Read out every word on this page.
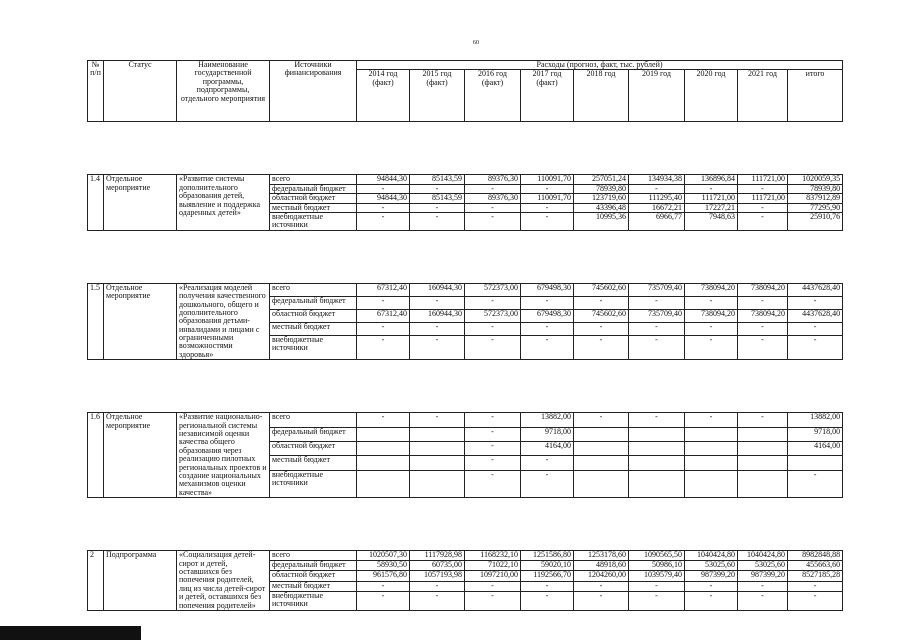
60
№ п/п	Статус	Наименование государственной программы, подпрограммы, отдельного мероприятия	Источники финансирования	Расходы (прогноз, факт, тыс. рублей)								
				2014 год (факт)	2015 год (факт)	2016 год (факт)	2017 год (факт)	2018 год	2019 год	2020 год	2021 год	итого

1.4	Отдельное мероприятие	«Развитие системы дополнительного образования детей, выявление и поддержка одаренных детей»	всего	94844,30	85143,59	89376,30	110091,70	257051,24	134934,38	136896,84	111721,00	1020059,35
			федеральный бюджет	-	-	-	-	78939,80	-	-	-	78939,80
			областной бюджет	94844,30	85143,59	89376,30	110091,70	123719,60	111295,40	111721,00	111721,00	837912,89
			местный бюджет	-	-	-	-	43396,48	16672,21	17227,21	-	77295,90
			внебюджетные источники	-	-	-	-	10995,36	6966,77	7948,63	-	25910,76

1.5	Отдельное мероприятие	«Реализация моделей получения качественного дошкольного, общего и дополнительного образования детьми-инвалидами и лицами с ограниченными возможностями здоровья»	всего	67312,40	160944,30	572373,00	679498,30	745602,60	735709,40	738094,20	738094,20	4437628,40
			федеральный бюджет	-	-	-	-	-	-	-	-	-
			областной бюджет	67312,40	160944,30	572373,00	679498,30	745602,60	735709,40	738094,20	738094,20	4437628,40
			местный бюджет	-	-	-	-	-	-	-	-	-
			внебюджетные источники	-	-	-	-	-	-	-	-	-

1.6	Отдельное мероприятие	«Развитие национально-региональной системы независимой оценки качества общего образования через реализацию пилотных региональных проектов и создание национальных механизмов оценки качества»	всего	-	-	-	13882,00	-	-	-	-	13882,00
			федеральный бюджет			-	9718,00					9718,00
			областной бюджет			-	4164,00					4164,00
			местный бюджет			-	-					
			внебюджетные источники			-	-					-

2	Подпрограмма	«Социализация детей-сирот и детей, оставшихся без попечения родителей, лиц из числа детей-сирот и детей, оставшихся без попечения родителей»	всего	1020507,30	1117928,98	1168232,10	1251586,80	1253178,60	1090565,50	1040424,80	1040424,80	8982848,88
			федеральный бюджет	58930,50	60735,00	71022,10	59020,10	48918,60	50986,10	53025,60	53025,60	455663,60
			областной бюджет	961576,80	1057193,98	1097210,00	1192566,70	1204260,00	1039579,40	987399,20	987399,20	8527185,28
			местный бюджет	-	-	-	-	-	-	-	-	-
			внебюджетные источники	-	-	-	-	-	-	-	-	-
